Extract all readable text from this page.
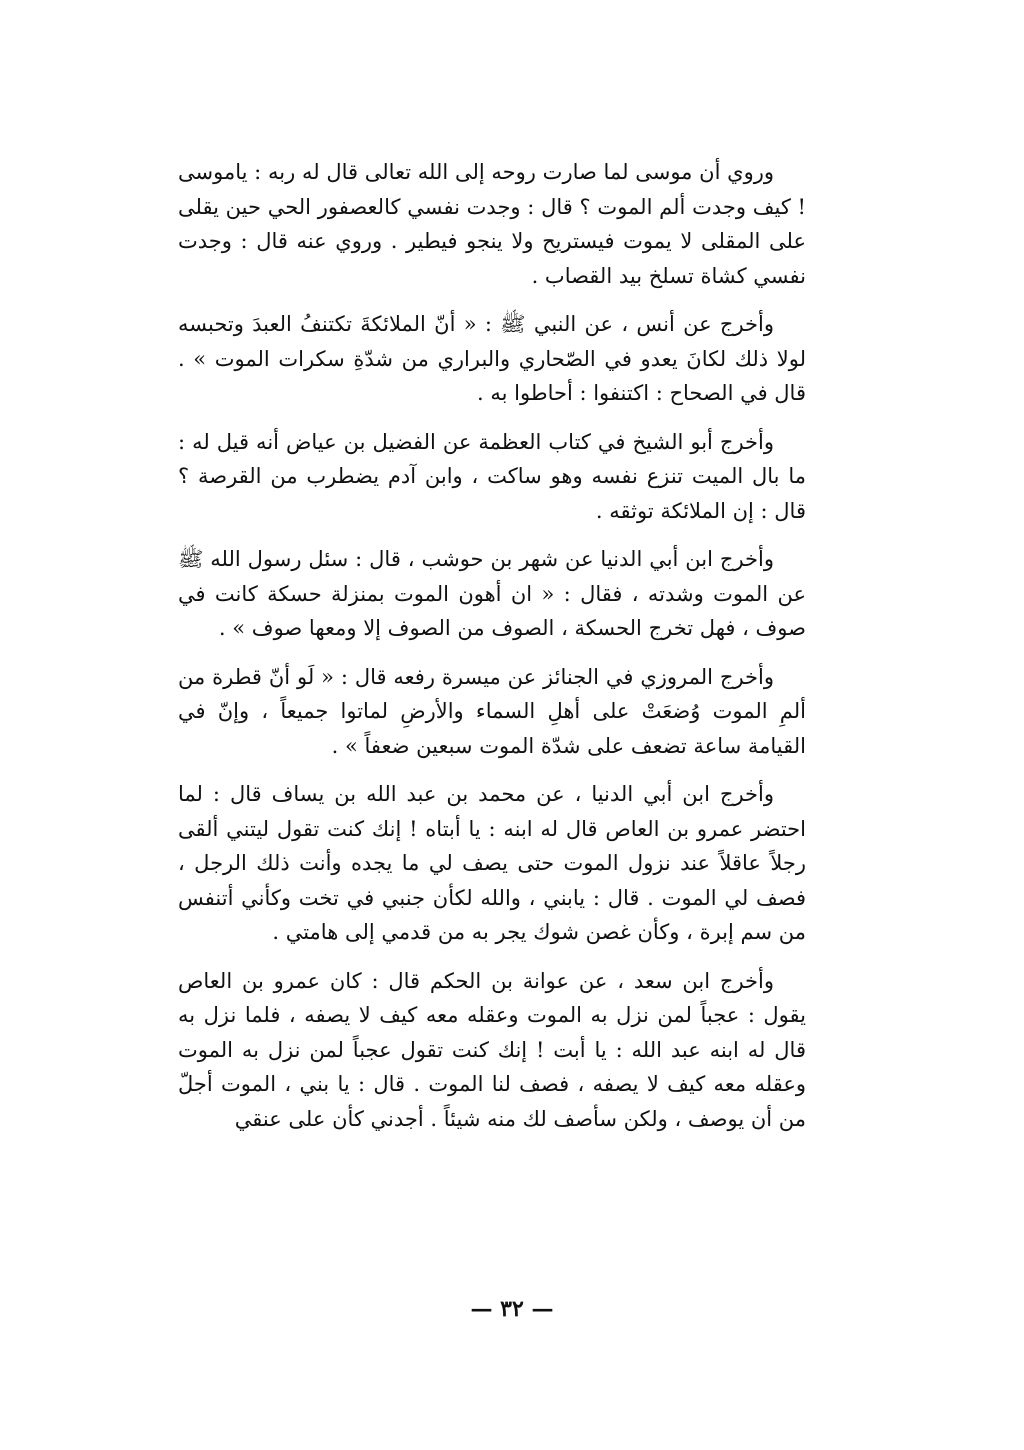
وروي أن موسى لما صارت روحه إلى الله تعالى قال له ربه : ياموسى ! كيف وجدت ألم الموت ؟ قال : وجدت نفسي كالعصفور الحي حين يقلى على المقلى لا يموت فيستريح ولا ينجو فيطير . وروي عنه قال : وجدت نفسي كشاة تسلخ بيد القصاب .

وأخرج عن أنس ، عن النبي ﷺ : « أنّ الملائكةَ تكتنفُ العبدَ وتحبسه لولا ذلك لكانَ يعدو في الصّحاري والبراري من شدّةِ سكرات الموت » . قال في الصحاح : اكتنفوا : أحاطوا به .

وأخرج أبو الشيخ في كتاب العظمة عن الفضيل بن عياض أنه قيل له : ما بال الميت تنزع نفسه وهو ساكت ، وابن آدم يضطرب من القرصة ؟ قال : إن الملائكة توثقه .

وأخرج ابن أبي الدنيا عن شهر بن حوشب ، قال : سئل رسول الله ﷺ عن الموت وشدته ، فقال : « ان أهون الموت بمنزلة حسكة كانت في صوف ، فهل تخرج الحسكة ، الصوف من الصوف إلا ومعها صوف » .

وأخرج المروزي في الجنائز عن ميسرة رفعه قال : « لَو أنّ قطرة من ألمِ الموت وُضعَتْ على أهلِ السماء والأرضِ لماتوا جميعاً ، وإنّ في القيامة ساعة تضعف على شدّة الموت سبعين ضعفاً » .

وأخرج ابن أبي الدنيا ، عن محمد بن عبد الله بن يساف قال : لما احتضر عمرو بن العاص قال له ابنه : يا أبتاه ! إنك كنت تقول ليتني ألقى رجلاً عاقلاً عند نزول الموت حتى يصف لي ما يجده وأنت ذلك الرجل ، فصف لي الموت . قال : يابني ، والله لكأن جنبي في تخت وكأني أتنفس من سم إبرة ، وكأن غصن شوك يجر به من قدمي إلى هامتي .

وأخرج ابن سعد ، عن عوانة بن الحكم قال : كان عمرو بن العاص يقول : عجباً لمن نزل به الموت وعقله معه كيف لا يصفه ، فلما نزل به قال له ابنه عبد الله : يا أبت ! إنك كنت تقول عجباً لمن نزل به الموت وعقله معه كيف لا يصفه ، فصف لنا الموت . قال : يا بني ، الموت أجلّ من أن يوصف ، ولكن سأصف لك منه شيئاً . أجدني كأن على عنقي

— ٣٢ —
